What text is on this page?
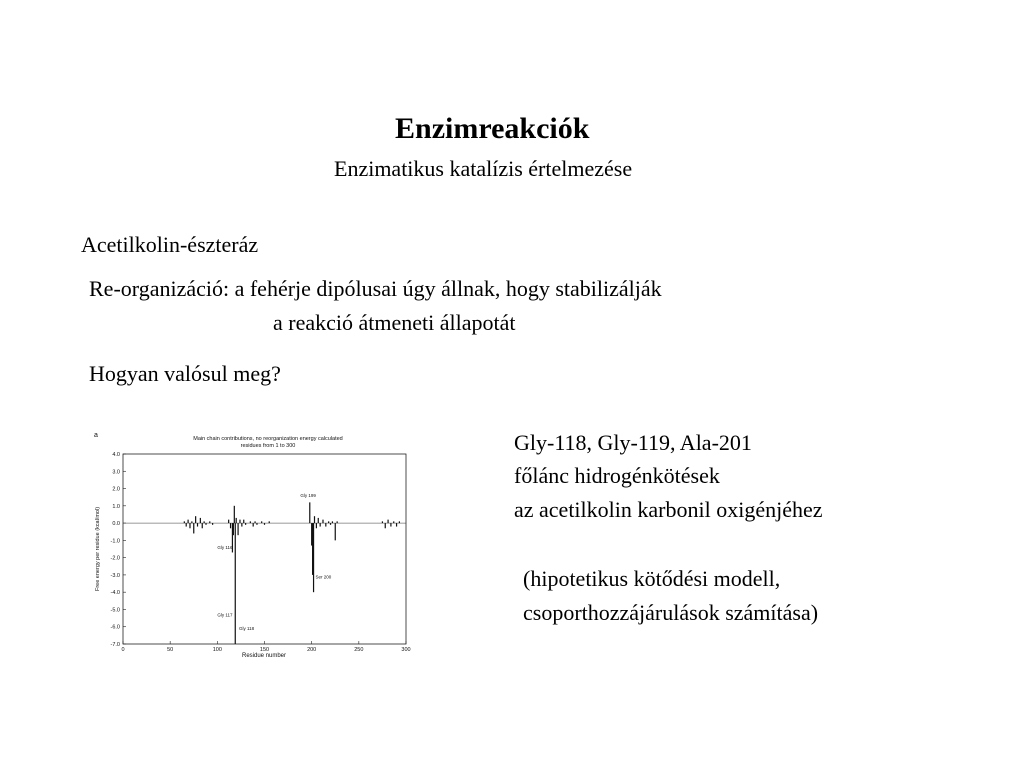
Enzimreakciók
Enzimatikus katalízis értelmezése

Acetilkolin-észteráz

Re-organizáció: a fehérje dipólusai úgy állnak, hogy stabilizálják

a reakció átmeneti állapotát

Hogyan valósul meg?

Gly-118, Gly-119, Ala-201

főlánc hidrogénkötések

az acetilkolin karbonil oxigénjéhez

(hipotetikus kötődési modell,

csoporthozzájárulások számítása)

a	Main chain contributions, no reorganization energy calculated
residues from 1 to 300
4.0
3.0
2.0
1.0
0.0
-1.0
-2.0
-3.0
-4.0
-5.0
-6.0
-7.0
0	50	100	150	200	250	300
Gly 116
Gly 117
Gly 118
Gly 199
Ser 200
Residue number
Free energy per residue (kcal/mol)
